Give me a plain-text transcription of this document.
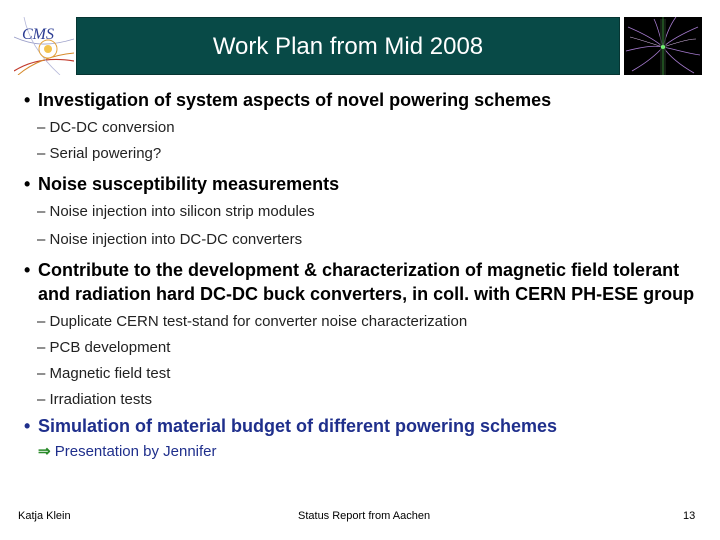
CMS	Work Plan from Mid 2008
• Investigation of system aspects of novel powering schemes
– DC-DC conversion
– Serial powering?
• Noise susceptibility measurements
– Noise injection into silicon strip modules
– Noise injection into DC-DC converters
• Contribute to the development & characterization of magnetic field tolerant and radiation hard DC-DC buck converters, in coll. with CERN PH-ESE group
– Duplicate CERN test-stand for converter noise characterization
– PCB development
– Magnetic field test
– Irradiation tests
• Simulation of material budget of different powering schemes
⇒ Presentation by Jennifer
Katja Klein	Status Report from Aachen	13
